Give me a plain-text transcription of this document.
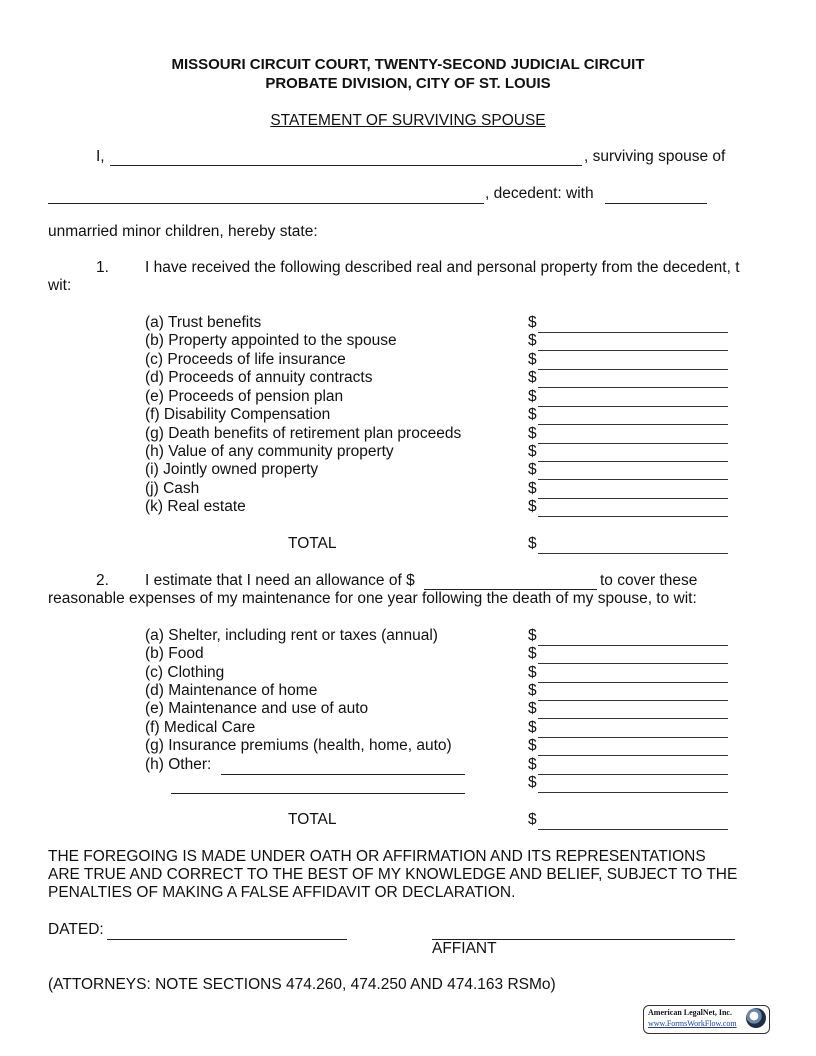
MISSOURI CIRCUIT COURT, TWENTY-SECOND JUDICIAL CIRCUIT
PROBATE DIVISION, CITY OF ST. LOUIS
STATEMENT OF SURVIVING SPOUSE
I,	, surviving spouse of
, decedent: with
unmarried minor children, hereby state:
1. I have received the following described real and personal property from the decedent, t
wit:
(a) Trust benefits	$
(b) Property appointed to the spouse	$
(c) Proceeds of life insurance	$
(d) Proceeds of annuity contracts	$
(e) Proceeds of pension plan	$
(f) Disability Compensation	$
(g) Death benefits of retirement plan proceeds	$
(h) Value of any community property	$
(i) Jointly owned property	$
(j) Cash	$
(k) Real estate	$
TOTAL	$
2. I estimate that I need an allowance of $	to cover these
reasonable expenses of my maintenance for one year following the death of my spouse, to wit:
(a) Shelter, including rent or taxes (annual)	$
(b) Food	$
(c) Clothing	$
(d) Maintenance of home	$
(e) Maintenance and use of auto	$
(f) Medical Care	$
(g) Insurance premiums (health, home, auto)	$
(h) Other:	$
$
TOTAL	$
THE FOREGOING IS MADE UNDER OATH OR AFFIRMATION AND ITS REPRESENTATIONS
ARE TRUE AND CORRECT TO THE BEST OF MY KNOWLEDGE AND BELIEF, SUBJECT TO THE
PENALTIES OF MAKING A FALSE AFFIDAVIT OR DECLARATION.
DATED:
AFFIANT
(ATTORNEYS: NOTE SECTIONS 474.260, 474.250 AND 474.163 RSMo)
American LegalNet, Inc.
www.FormsWorkFlow.com
